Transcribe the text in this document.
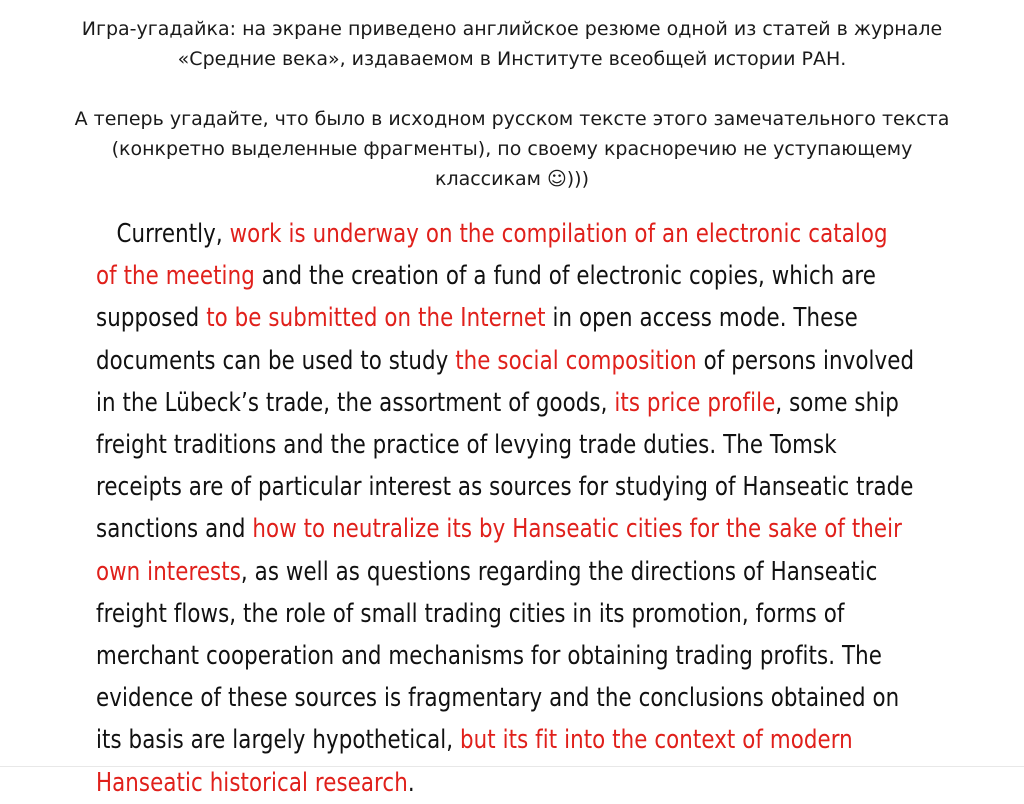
Игра-угадайка: на экране приведено английское резюме одной из статей в журнале «Средние века», издаваемом в Институте всеобщей истории РАН.

А теперь угадайте, что было в исходном русском тексте этого замечательного текста (конкретно выделенные фрагменты), по своему красноречию не уступающему классикам ☺)))

Currently, work is underway on the compilation of an electronic catalog of the meeting and the creation of a fund of electronic copies, which are supposed to be submitted on the Internet in open access mode. These documents can be used to study the social composition of persons involved in the Lübeck’s trade, the assortment of goods, its price profile, some ship freight traditions and the practice of levying trade duties. The Tomsk receipts are of particular interest as sources for studying of Hanseatic trade sanctions and how to neutralize its by Hanseatic cities for the sake of their own interests, as well as questions regarding the directions of Hanseatic freight flows, the role of small trading cities in its promotion, forms of merchant cooperation and mechanisms for obtaining trading profits. The evidence of these sources is fragmentary and the conclusions obtained on its basis are largely hypothetical, but its fit into the context of modern Hanseatic historical research.
